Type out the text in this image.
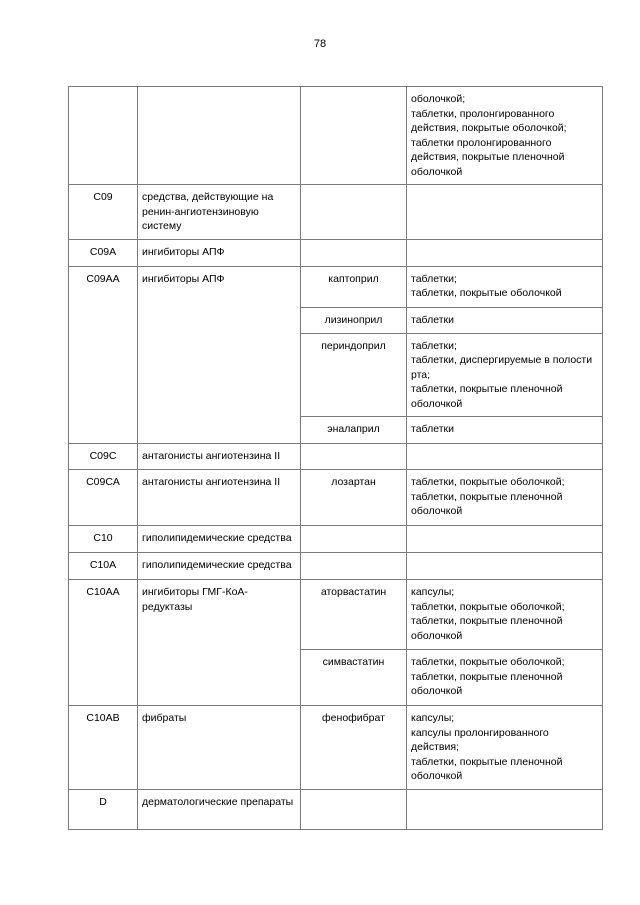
78
			оболочкой;
таблетки, пролонгированного действия, покрытые оболочкой;
таблетки пролонгированного действия, покрытые пленочной оболочкой
C09	средства, действующие на ренин-ангиотензиновую систему		
C09A	ингибиторы АПФ		
C09AA	ингибиторы АПФ	каптоприл	таблетки;
таблетки, покрытые оболочкой
		лизиноприл	таблетки
		периндоприл	таблетки;
таблетки, диспергируемые в полости рта;
таблетки, покрытые пленочной оболочкой
		эналаприл	таблетки
C09C	антагонисты ангиотензина II		
C09CA	антагонисты ангиотензина II	лозартан	таблетки, покрытые оболочкой;
таблетки, покрытые пленочной оболочкой
C10	гиполипидемические средства		
C10A	гиполипидемические средства		
C10AA	ингибиторы ГМГ-КоА-редуктазы	аторвастатин	капсулы;
таблетки, покрытые оболочкой;
таблетки, покрытые пленочной оболочкой
		симвастатин	таблетки, покрытые оболочкой;
таблетки, покрытые пленочной оболочкой
C10AB	фибраты	фенофибрат	капсулы;
капсулы пролонгированного действия;
таблетки, покрытые пленочной оболочкой
D	дерматологические препараты		
